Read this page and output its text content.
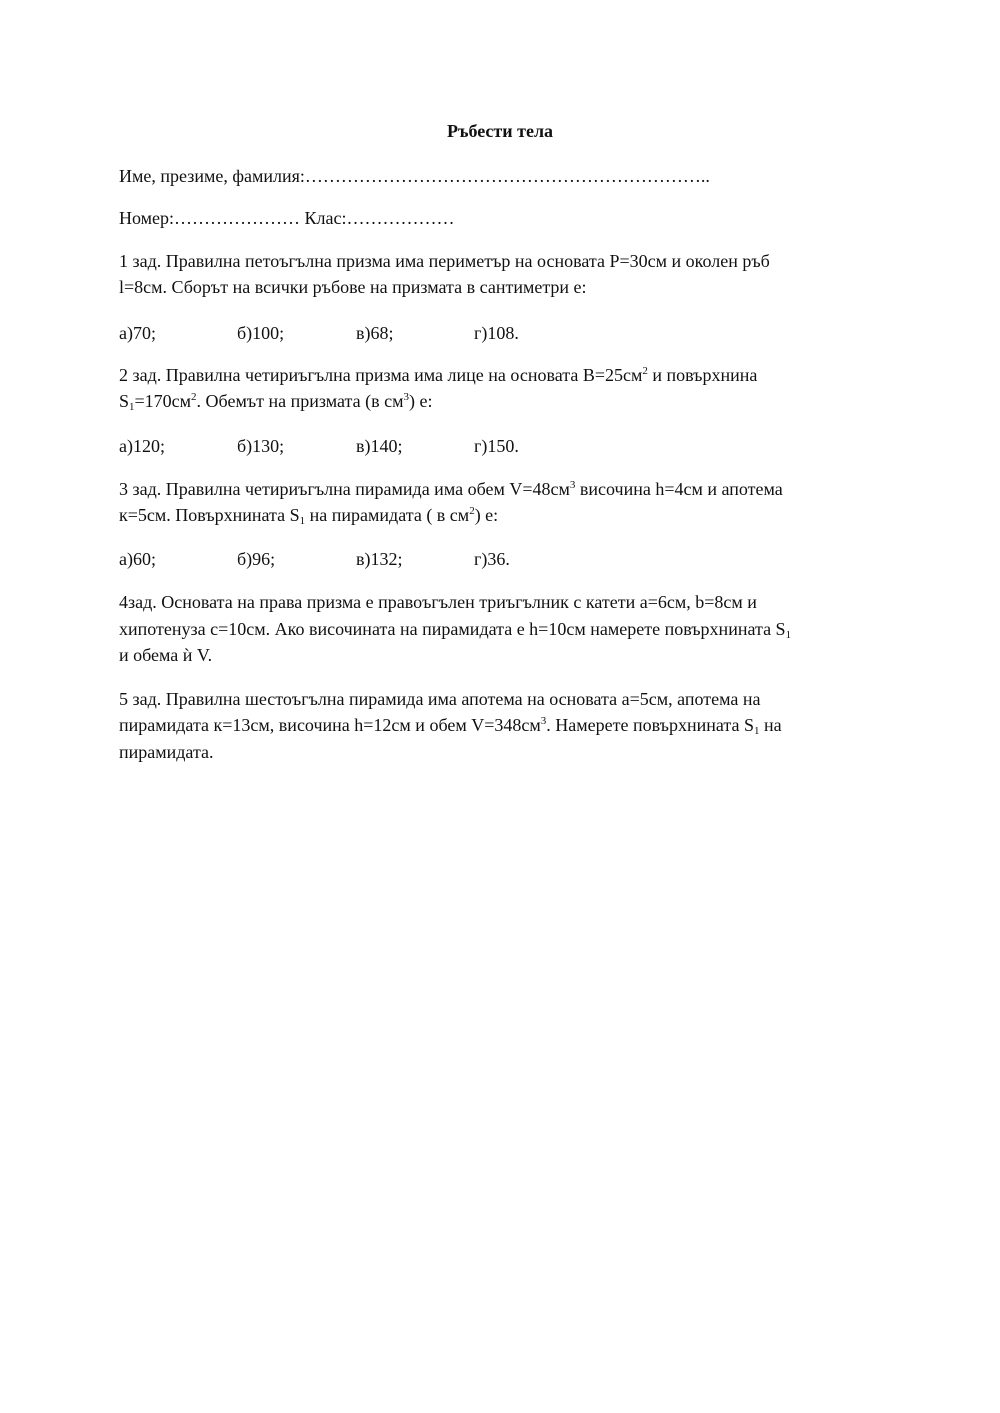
Ръбести тела
Име, презиме, фамилия:…………………………………………………………..
Номер:………………… Клас:………………
1 зад. Правилна петоъгълна призма има периметър на основата P=30см и околен ръб
l=8см. Сборът на всички ръбове на призмата в сантиметри е:
а)70;	б)100;	в)68;	г)108.
2 зад. Правилна четириъгълна призма има лице на основата $B=25см^2$ и повърхнина
$S_1=170см^2$. Обемът на призмата (в $см^3$) е:
а)120;	б)130;	в)140;	г)150.
3 зад. Правилна четириъгълна пирамида има обем $V=48см^3$ височина h=4см и апотема
к=5см. Повърхнината $S_1$ на пирамидата ( в $см^2$) е:
а)60;	б)96;	в)132;	г)36.
4зад. Основата на права призма е правоъгълен триъгълник с катети a=6см, b=8см и
хипотенуза c=10см. Ако височината на пирамидата е h=10см намерете повърхнината $S_1$
и обема ѝ V.
5 зад. Правилна шестоъгълна пирамида има апотема на основата a=5см, апотема на
пирамидата к=13см, височина h=12см и обем $V=348см^3$. Намерете повърхнината $S_1$ на
пирамидата.
